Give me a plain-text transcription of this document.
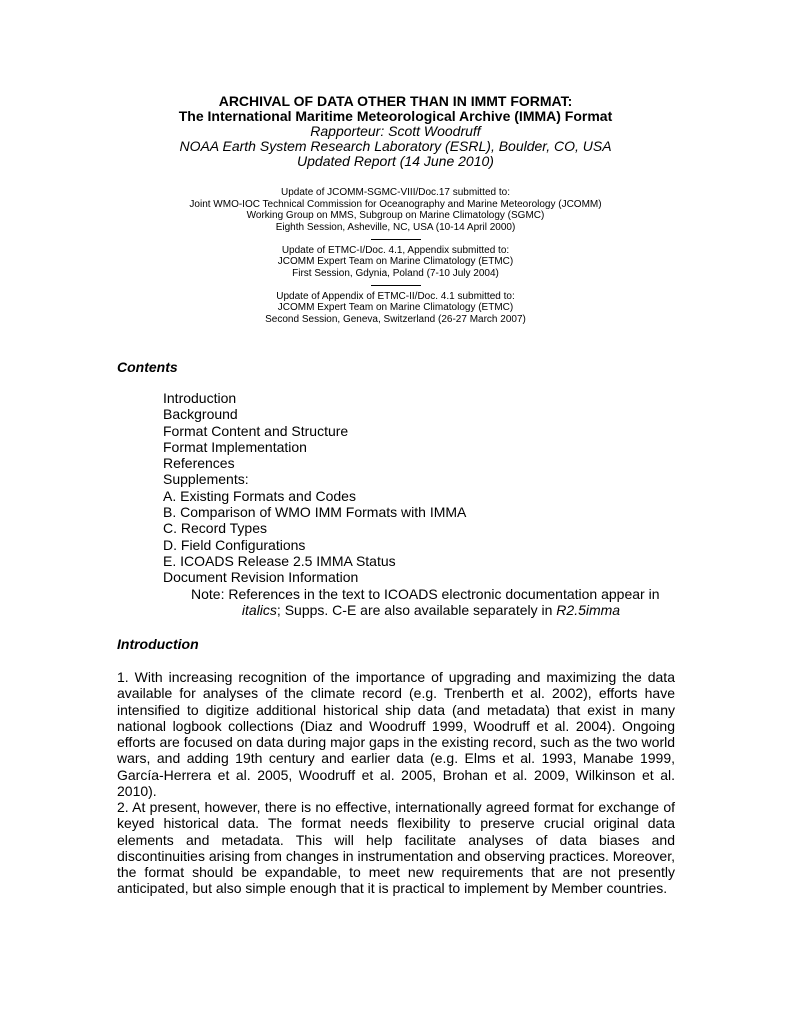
ARCHIVAL OF DATA OTHER THAN IN IMMT FORMAT:
The International Maritime Meteorological Archive (IMMA) Format
Rapporteur: Scott Woodruff
NOAA Earth System Research Laboratory (ESRL), Boulder, CO, USA
Updated Report (14 June 2010)
Update of JCOMM-SGMC-VIII/Doc.17 submitted to:
Joint WMO-IOC Technical Commission for Oceanography and Marine Meteorology (JCOMM)
Working Group on MMS, Subgroup on Marine Climatology (SGMC)
Eighth Session, Asheville, NC, USA (10-14 April 2000)
Update of ETMC-I/Doc. 4.1, Appendix submitted to:
JCOMM Expert Team on Marine Climatology (ETMC)
First Session, Gdynia, Poland (7-10 July 2004)
Update of Appendix of ETMC-II/Doc. 4.1 submitted to:
JCOMM Expert Team on Marine Climatology (ETMC)
Second Session, Geneva, Switzerland (26-27 March 2007)
Contents
Introduction
Background
Format Content and Structure
Format Implementation
References
Supplements:
A. Existing Formats and Codes
B. Comparison of WMO IMM Formats with IMMA
C. Record Types
D. Field Configurations
E. ICOADS Release 2.5 IMMA Status
Document Revision Information
Note: References in the text to ICOADS electronic documentation appear in
italics; Supps. C-E are also available separately in R2.5imma
Introduction

1. With increasing recognition of the importance of upgrading and maximizing the data available for analyses of the climate record (e.g. Trenberth et al. 2002), efforts have intensified to digitize additional historical ship data (and metadata) that exist in many national logbook collections (Diaz and Woodruff 1999, Woodruff et al. 2004). Ongoing efforts are focused on data during major gaps in the existing record, such as the two world wars, and adding 19th century and earlier data (e.g. Elms et al. 1993, Manabe 1999, García-Herrera et al. 2005, Woodruff et al. 2005, Brohan et al. 2009, Wilkinson et al. 2010).

2. At present, however, there is no effective, internationally agreed format for exchange of keyed historical data. The format needs flexibility to preserve crucial original data elements and metadata. This will help facilitate analyses of data biases and discontinuities arising from changes in instrumentation and observing practices. Moreover, the format should be expandable, to meet new requirements that are not presently anticipated, but also simple enough that it is practical to implement by Member countries.
